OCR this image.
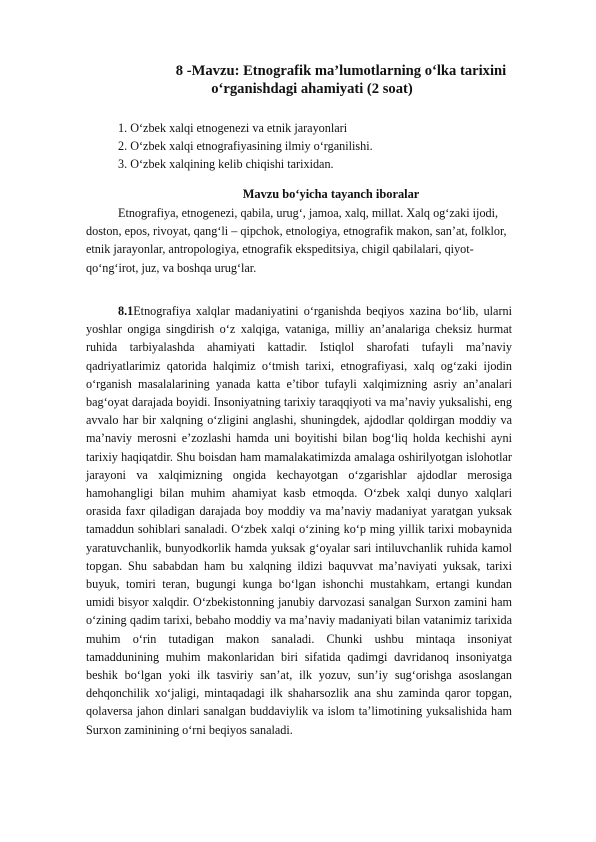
8 -Mavzu: Etnografik ma’lumotlarning o‘lka tarixini
o‘rganishdagi ahamiyati (2 soat)
1. O‘zbek xalqi etnogenezi va etnik jarayonlari
2. O‘zbek xalqi etnografiyasining ilmiy o‘rganilishi.
3. O‘zbek xalqining kelib chiqishi tarixidan.
Mavzu bo‘yicha tayanch iboralar
Etnografiya, etnogenezi, qabila, urug‘, jamoa, xalq, millat. Xalq og‘zaki ijodi, doston, epos, rivoyat, qang‘li – qipchok, etnologiya, etnografik makon, san’at, folklor, etnik jarayonlar, antropologiya, etnografik ekspeditsiya, chigil qabilalari, qiyot-qo‘ng‘irot, juz, va boshqa urug‘lar.
8.1Etnografiya xalqlar madaniyatini o‘rganishda beqiyos xazina bo‘lib, ularni yoshlar ongiga singdirish o‘z xalqiga, vataniga, milliy an’analariga cheksiz hurmat ruhida tarbiyalashda ahamiyati kattadir. Istiqlol sharofati tufayli ma’naviy qadriyatlarimiz qatorida halqimiz o‘tmish tarixi, etnografiyasi, xalq og‘zaki ijodin o‘rganish masalalarining yanada katta e’tibor tufayli xalqimizning asriy an’analari bag‘oyat darajada boyidi. Insoniyatning tarixiy taraqqiyoti va ma’naviy yuksalishi, eng avvalo har bir xalqning o‘zligini anglashi, shuningdek, ajdodlar qoldirgan moddiy va ma’naviy merosni e’zozlashi hamda uni boyitishi bilan bog‘liq holda kechishi ayni tarixiy haqiqatdir. Shu boisdan ham mamalakatimizda amalaga oshirilyotgan islohotlar jarayoni va xalqimizning ongida kechayotgan o‘zgarishlar ajdodlar merosiga hamohangligi bilan muhim ahamiyat kasb etmoqda. O‘zbek xalqi dunyo xalqlari orasida faxr qiladigan darajada boy moddiy va ma’naviy madaniyat yaratgan yuksak tamaddun sohiblari sanaladi. O‘zbek xalqi o‘zining ko‘p ming yillik tarixi mobaynida yaratuvchanlik, bunyodkorlik hamda yuksak g‘oyalar sari intiluvchanlik ruhida kamol topgan. Shu sababdan ham bu xalqning ildizi baquvvat ma’naviyati yuksak, tarixi buyuk, tomiri teran, bugungi kunga bo‘lgan ishonchi mustahkam, ertangi kundan umidi bisyor xalqdir. O‘zbekistonning janubiy darvozasi sanalgan Surxon zamini ham o‘zining qadim tarixi, bebaho moddiy va ma’naviy madaniyati bilan vatanimiz tarixida muhim o‘rin tutadigan makon sanaladi. Chunki ushbu mintaqa insoniyat tamaddunining muhim makonlaridan biri sifatida qadimgi davridanoq insoniyatga beshik bo‘lgan yoki ilk tasviriy san’at, ilk yozuv, sun’iy sug‘orishga asoslangan dehqonchilik xo‘jaligi, mintaqadagi ilk shaharsozlik ana shu zaminda qaror topgan, qolaversa jahon dinlari sanalgan buddaviylik va islom ta’limotining yuksalishida ham Surxon zaminining o‘rni beqiyos sanaladi.
